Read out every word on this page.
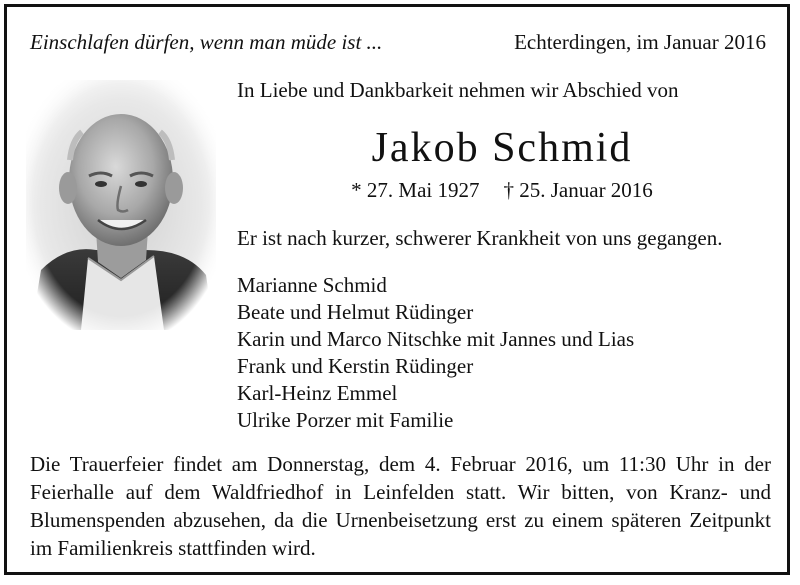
Einschlafen dürfen, wenn man müde ist ...	Echterdingen, im Januar 2016
In Liebe und Dankbarkeit nehmen wir Abschied von
Jakob Schmid
* 27. Mai 1927 † 25. Januar 2016
Er ist nach kurzer, schwerer Krankheit von uns gegangen.
Marianne Schmid
Beate und Helmut Rüdinger
Karin und Marco Nitschke mit Jannes und Lias
Frank und Kerstin Rüdinger
Karl-Heinz Emmel
Ulrike Porzer mit Familie

Die Trauerfeier findet am Donnerstag, dem 4. Februar 2016, um 11:30 Uhr in der Feierhalle auf dem Waldfriedhof in Leinfelden statt. Wir bitten, von Kranz- und Blumenspenden abzusehen, da die Urnenbeisetzung erst zu einem späteren Zeitpunkt im Familienkreis stattfinden wird.
